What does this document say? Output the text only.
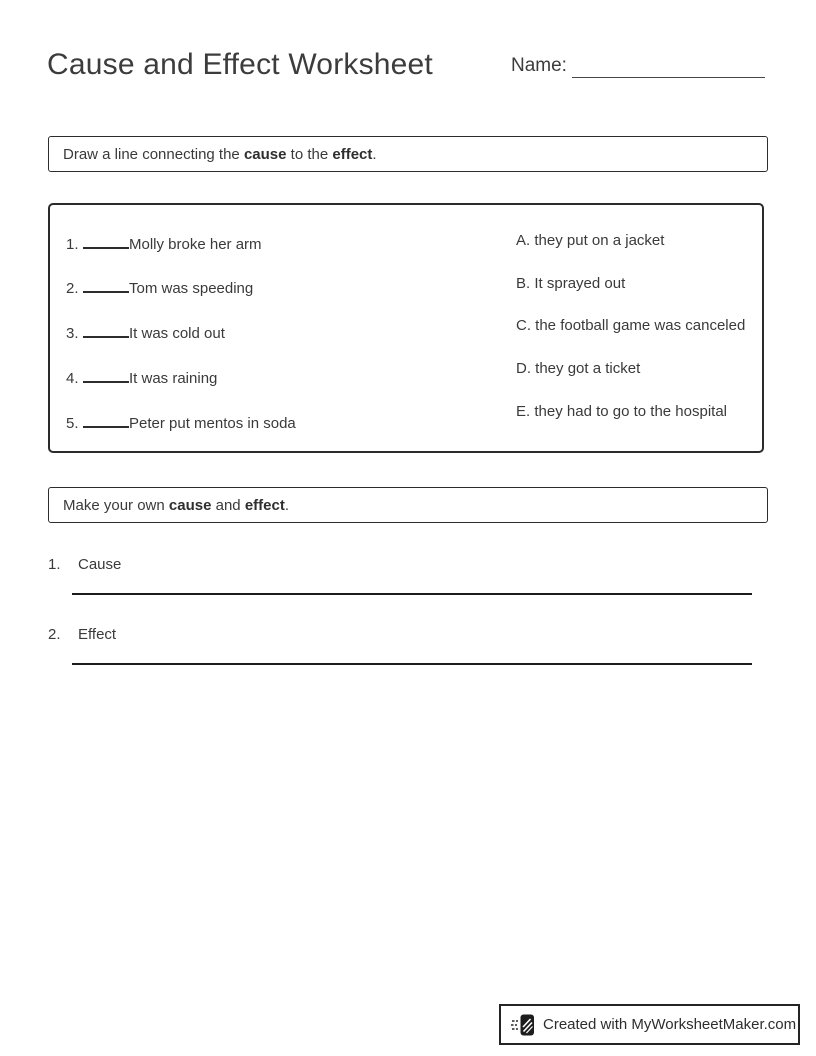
Cause and Effect Worksheet	Name:
Draw a line connecting the cause to the effect.
1.	Molly broke her arm
2.	Tom was speeding
3.	It was cold out
4.	It was raining
5.	Peter put mentos in soda
A. they put on a jacket
B. It sprayed out
C. the football game was canceled
D. they got a ticket
E. they had to go to the hospital
Make your own cause and effect.
1. Cause
2. Effect
Created with MyWorksheetMaker.com
